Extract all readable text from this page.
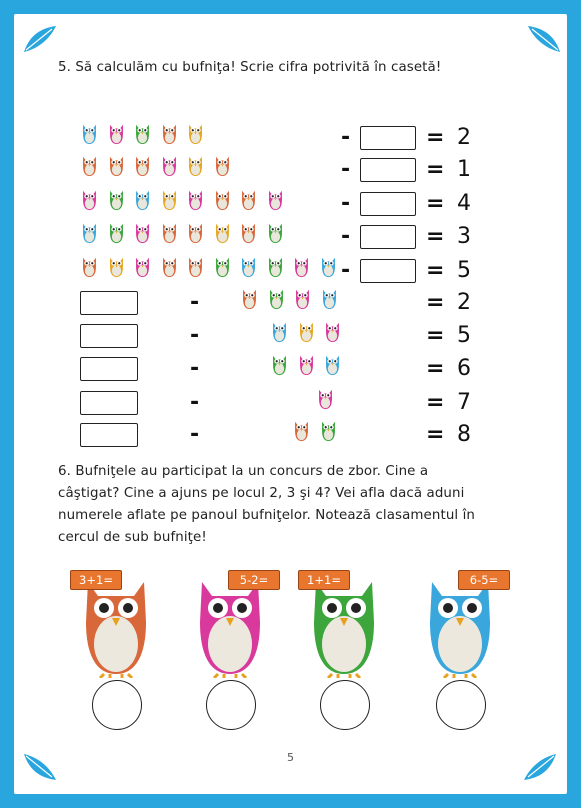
5. Să calculăm cu bufniţa! Scrie cifra potrivită în casetă!
-	= 2
-	= 1
-	= 4
-	= 3
-	= 5
-	= 2
-	= 5
-	= 6
-	= 7
-	= 8
6. Bufniţele au participat la un concurs de zbor. Cine a
câştigat? Cine a ajuns pe locul 2, 3 şi 4? Vei afla dacă aduni
numerele aflate pe panoul bufniţelor. Notează clasamentul în
cercul de sub bufniţe!
3+1=	5-2=	1+1=	6-5=
5
